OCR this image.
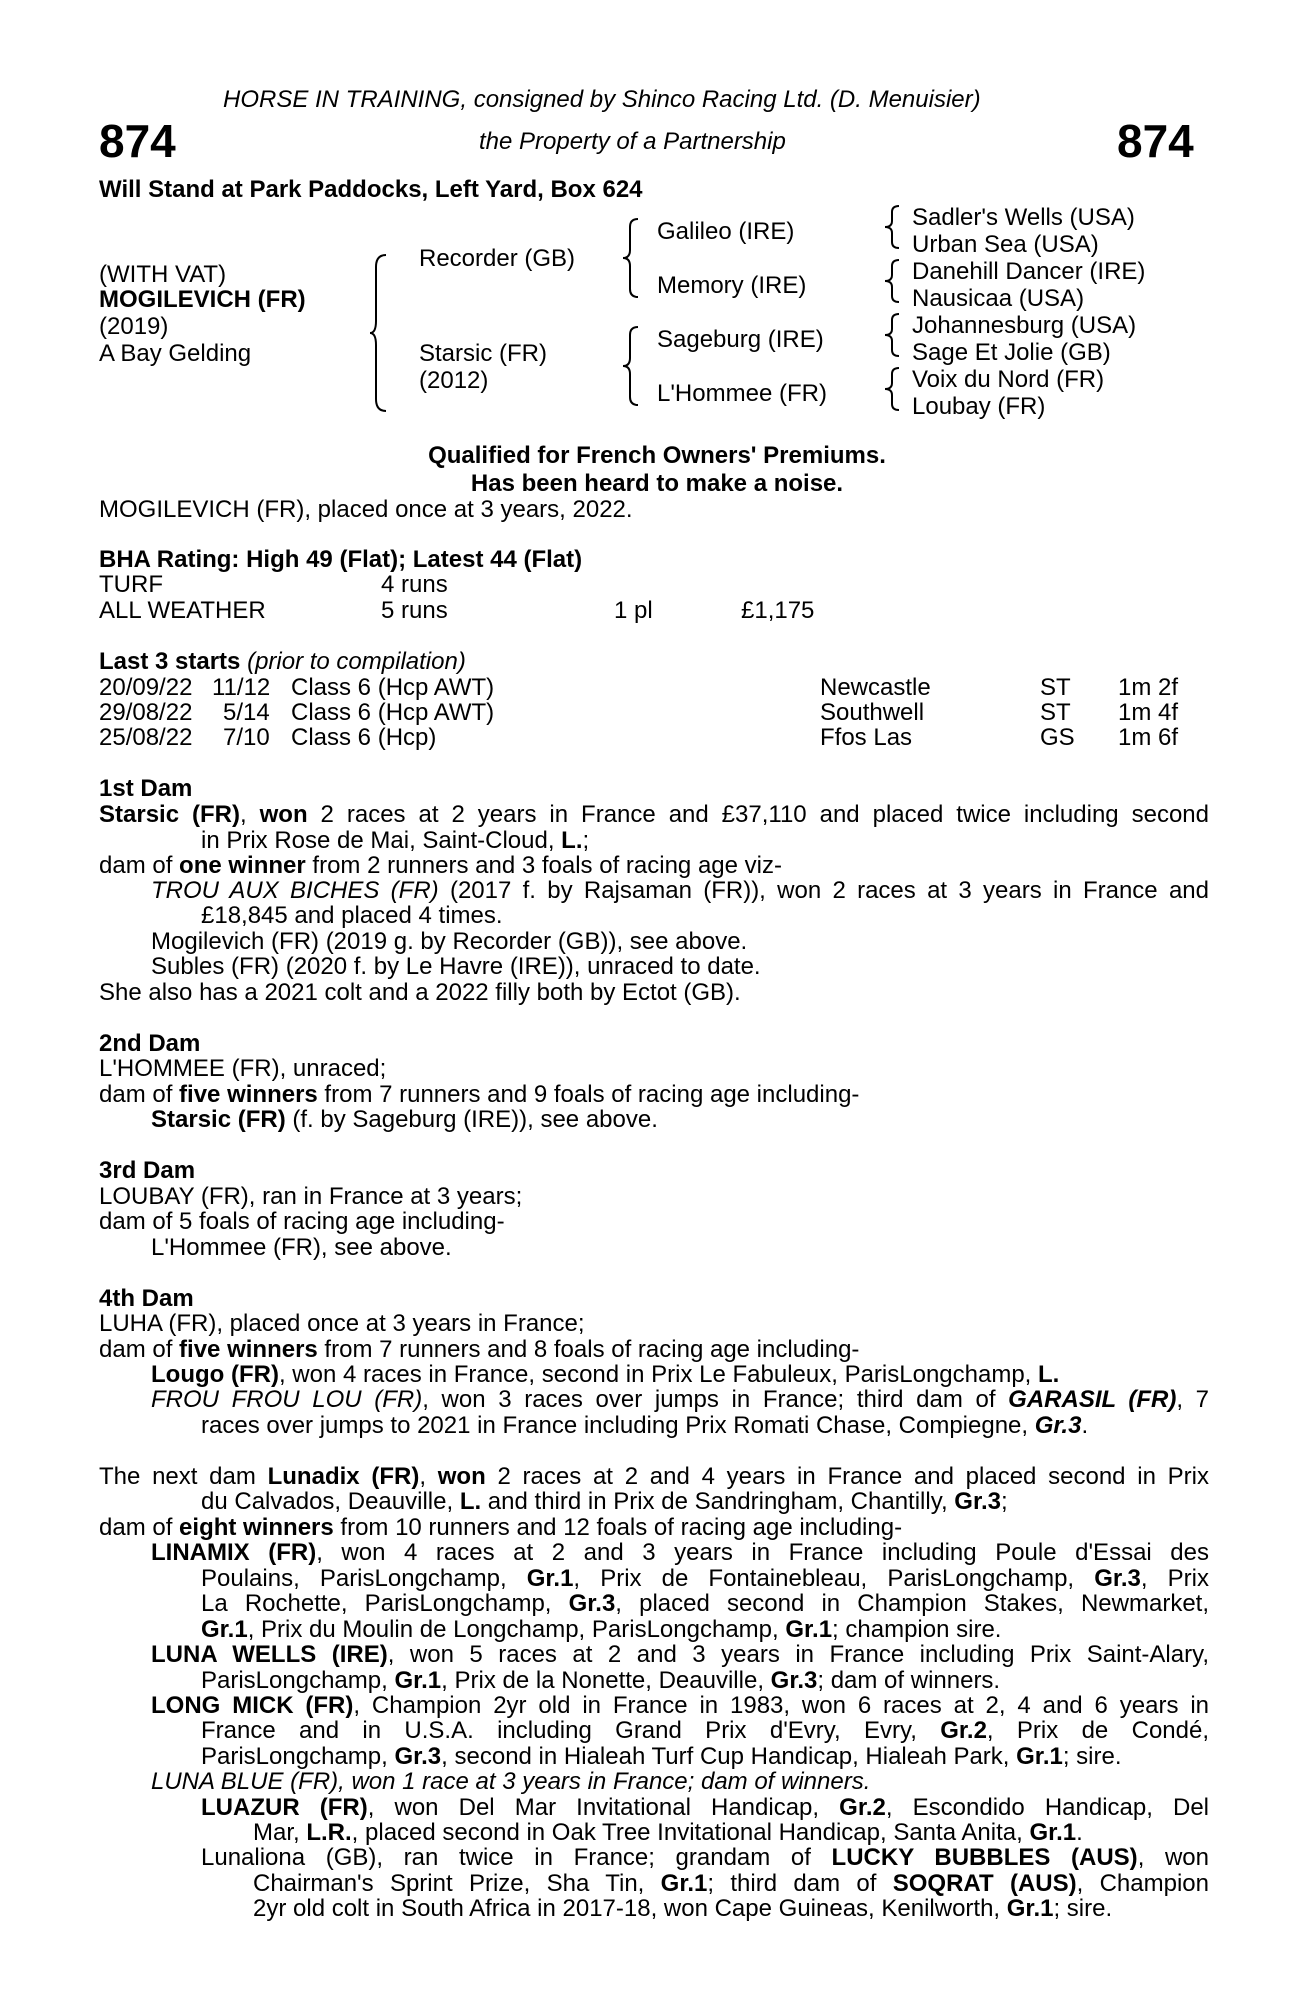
HORSE IN TRAINING, consigned by Shinco Racing Ltd. (D. Menuisier)
874	the Property of a Partnership	874
Will Stand at Park Paddocks, Left Yard, Box 624
(WITH VAT)
MOGILEVICH (FR)
(2019)
A Bay Gelding
Recorder (GB)
Starsic (FR)
(2012)
Galileo (IRE)
Memory (IRE)
Sageburg (IRE)
L'Hommee (FR)
Sadler's Wells (USA)
Urban Sea (USA)
Danehill Dancer (IRE)
Nausicaa (USA)
Johannesburg (USA)
Sage Et Jolie (GB)
Voix du Nord (FR)
Loubay (FR)
Qualified for French Owners' Premiums.
Has been heard to make a noise.
MOGILEVICH (FR), placed once at 3 years, 2022.
BHA Rating: High 49 (Flat); Latest 44 (Flat)
TURF	4 runs
ALL WEATHER	5 runs	1 pl	£1,175
Last 3 starts (prior to compilation)
20/09/22 11/12 Class 6 (Hcp AWT)	Newcastle	ST 1m 2f
29/08/22 5/14 Class 6 (Hcp AWT)	Southwell	ST 1m 4f
25/08/22 7/10 Class 6 (Hcp)	Ffos Las	GS 1m 6f
1st Dam
Starsic (FR), won 2 races at 2 years in France and £37,110 and placed twice including second
in Prix Rose de Mai, Saint-Cloud, L.;
dam of one winner from 2 runners and 3 foals of racing age viz-
TROU AUX BICHES (FR) (2017 f. by Rajsaman (FR)), won 2 races at 3 years in France and
£18,845 and placed 4 times.
Mogilevich (FR) (2019 g. by Recorder (GB)), see above.
Subles (FR) (2020 f. by Le Havre (IRE)), unraced to date.
She also has a 2021 colt and a 2022 filly both by Ectot (GB).
2nd Dam
L'HOMMEE (FR), unraced;
dam of five winners from 7 runners and 9 foals of racing age including-
Starsic (FR) (f. by Sageburg (IRE)), see above.
3rd Dam
LOUBAY (FR), ran in France at 3 years;
dam of 5 foals of racing age including-
L'Hommee (FR), see above.
4th Dam
LUHA (FR), placed once at 3 years in France;
dam of five winners from 7 runners and 8 foals of racing age including-
Lougo (FR), won 4 races in France, second in Prix Le Fabuleux, ParisLongchamp, L.
FROU FROU LOU (FR), won 3 races over jumps in France; third dam of GARASIL (FR), 7
races over jumps to 2021 in France including Prix Romati Chase, Compiegne, Gr.3.
The next dam Lunadix (FR), won 2 races at 2 and 4 years in France and placed second in Prix
du Calvados, Deauville, L. and third in Prix de Sandringham, Chantilly, Gr.3;
dam of eight winners from 10 runners and 12 foals of racing age including-
LINAMIX (FR), won 4 races at 2 and 3 years in France including Poule d'Essai des
Poulains, ParisLongchamp, Gr.1, Prix de Fontainebleau, ParisLongchamp, Gr.3, Prix
La Rochette, ParisLongchamp, Gr.3, placed second in Champion Stakes, Newmarket,
Gr.1, Prix du Moulin de Longchamp, ParisLongchamp, Gr.1; champion sire.
LUNA WELLS (IRE), won 5 races at 2 and 3 years in France including Prix Saint-Alary,
ParisLongchamp, Gr.1, Prix de la Nonette, Deauville, Gr.3; dam of winners.
LONG MICK (FR), Champion 2yr old in France in 1983, won 6 races at 2, 4 and 6 years in
France and in U.S.A. including Grand Prix d'Evry, Evry, Gr.2, Prix de Condé,
ParisLongchamp, Gr.3, second in Hialeah Turf Cup Handicap, Hialeah Park, Gr.1; sire.
LUNA BLUE (FR), won 1 race at 3 years in France; dam of winners.
LUAZUR (FR), won Del Mar Invitational Handicap, Gr.2, Escondido Handicap, Del
Mar, L.R., placed second in Oak Tree Invitational Handicap, Santa Anita, Gr.1.
Lunaliona (GB), ran twice in France; grandam of LUCKY BUBBLES (AUS), won
Chairman's Sprint Prize, Sha Tin, Gr.1; third dam of SOQRAT (AUS), Champion
2yr old colt in South Africa in 2017-18, won Cape Guineas, Kenilworth, Gr.1; sire.
